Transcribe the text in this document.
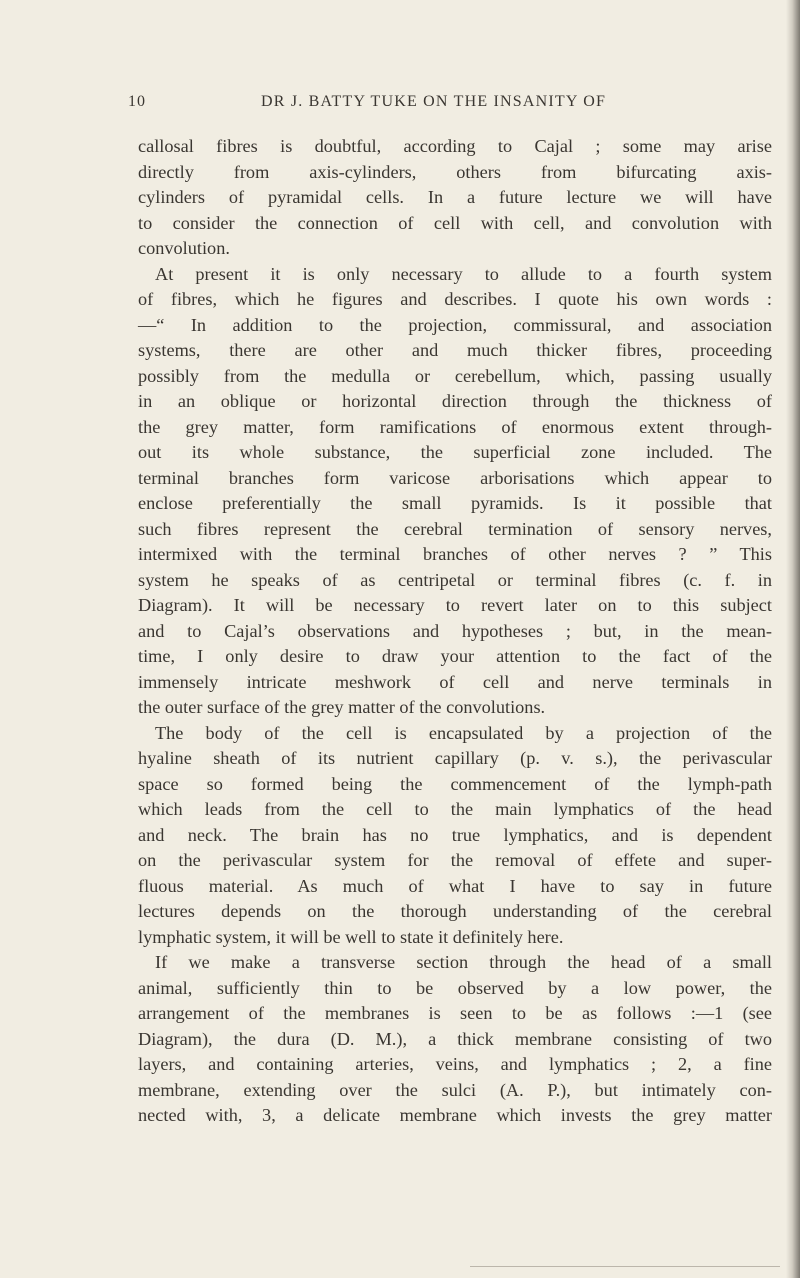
10	DR J. BATTY TUKE ON THE INSANITY OF
callosal fibres is doubtful, according to Cajal ; some may arise
directly from axis-cylinders, others from bifurcating axis-
cylinders of pyramidal cells. In a future lecture we will have
to consider the connection of cell with cell, and convolution with
convolution.
At present it is only necessary to allude to a fourth system
of fibres, which he figures and describes. I quote his own words :
—“ In addition to the projection, commissural, and association
systems, there are other and much thicker fibres, proceeding
possibly from the medulla or cerebellum, which, passing usually
in an oblique or horizontal direction through the thickness of
the grey matter, form ramifications of enormous extent through-
out its whole substance, the superficial zone included. The
terminal branches form varicose arborisations which appear to
enclose preferentially the small pyramids. Is it possible that
such fibres represent the cerebral termination of sensory nerves,
intermixed with the terminal branches of other nerves ? ” This
system he speaks of as centripetal or terminal fibres (c. f. in
Diagram). It will be necessary to revert later on to this subject
and to Cajal’s observations and hypotheses ; but, in the mean-
time, I only desire to draw your attention to the fact of the
immensely intricate meshwork of cell and nerve terminals in
the outer surface of the grey matter of the convolutions.
The body of the cell is encapsulated by a projection of the
hyaline sheath of its nutrient capillary (p. v. s.), the perivascular
space so formed being the commencement of the lymph-path
which leads from the cell to the main lymphatics of the head
and neck. The brain has no true lymphatics, and is dependent
on the perivascular system for the removal of effete and super-
fluous material. As much of what I have to say in future
lectures depends on the thorough understanding of the cerebral
lymphatic system, it will be well to state it definitely here.
If we make a transverse section through the head of a small
animal, sufficiently thin to be observed by a low power, the
arrangement of the membranes is seen to be as follows :—1 (see
Diagram), the dura (D. M.), a thick membrane consisting of two
layers, and containing arteries, veins, and lymphatics ; 2, a fine
membrane, extending over the sulci (A. P.), but intimately con-
nected with, 3, a delicate membrane which invests the grey matter
